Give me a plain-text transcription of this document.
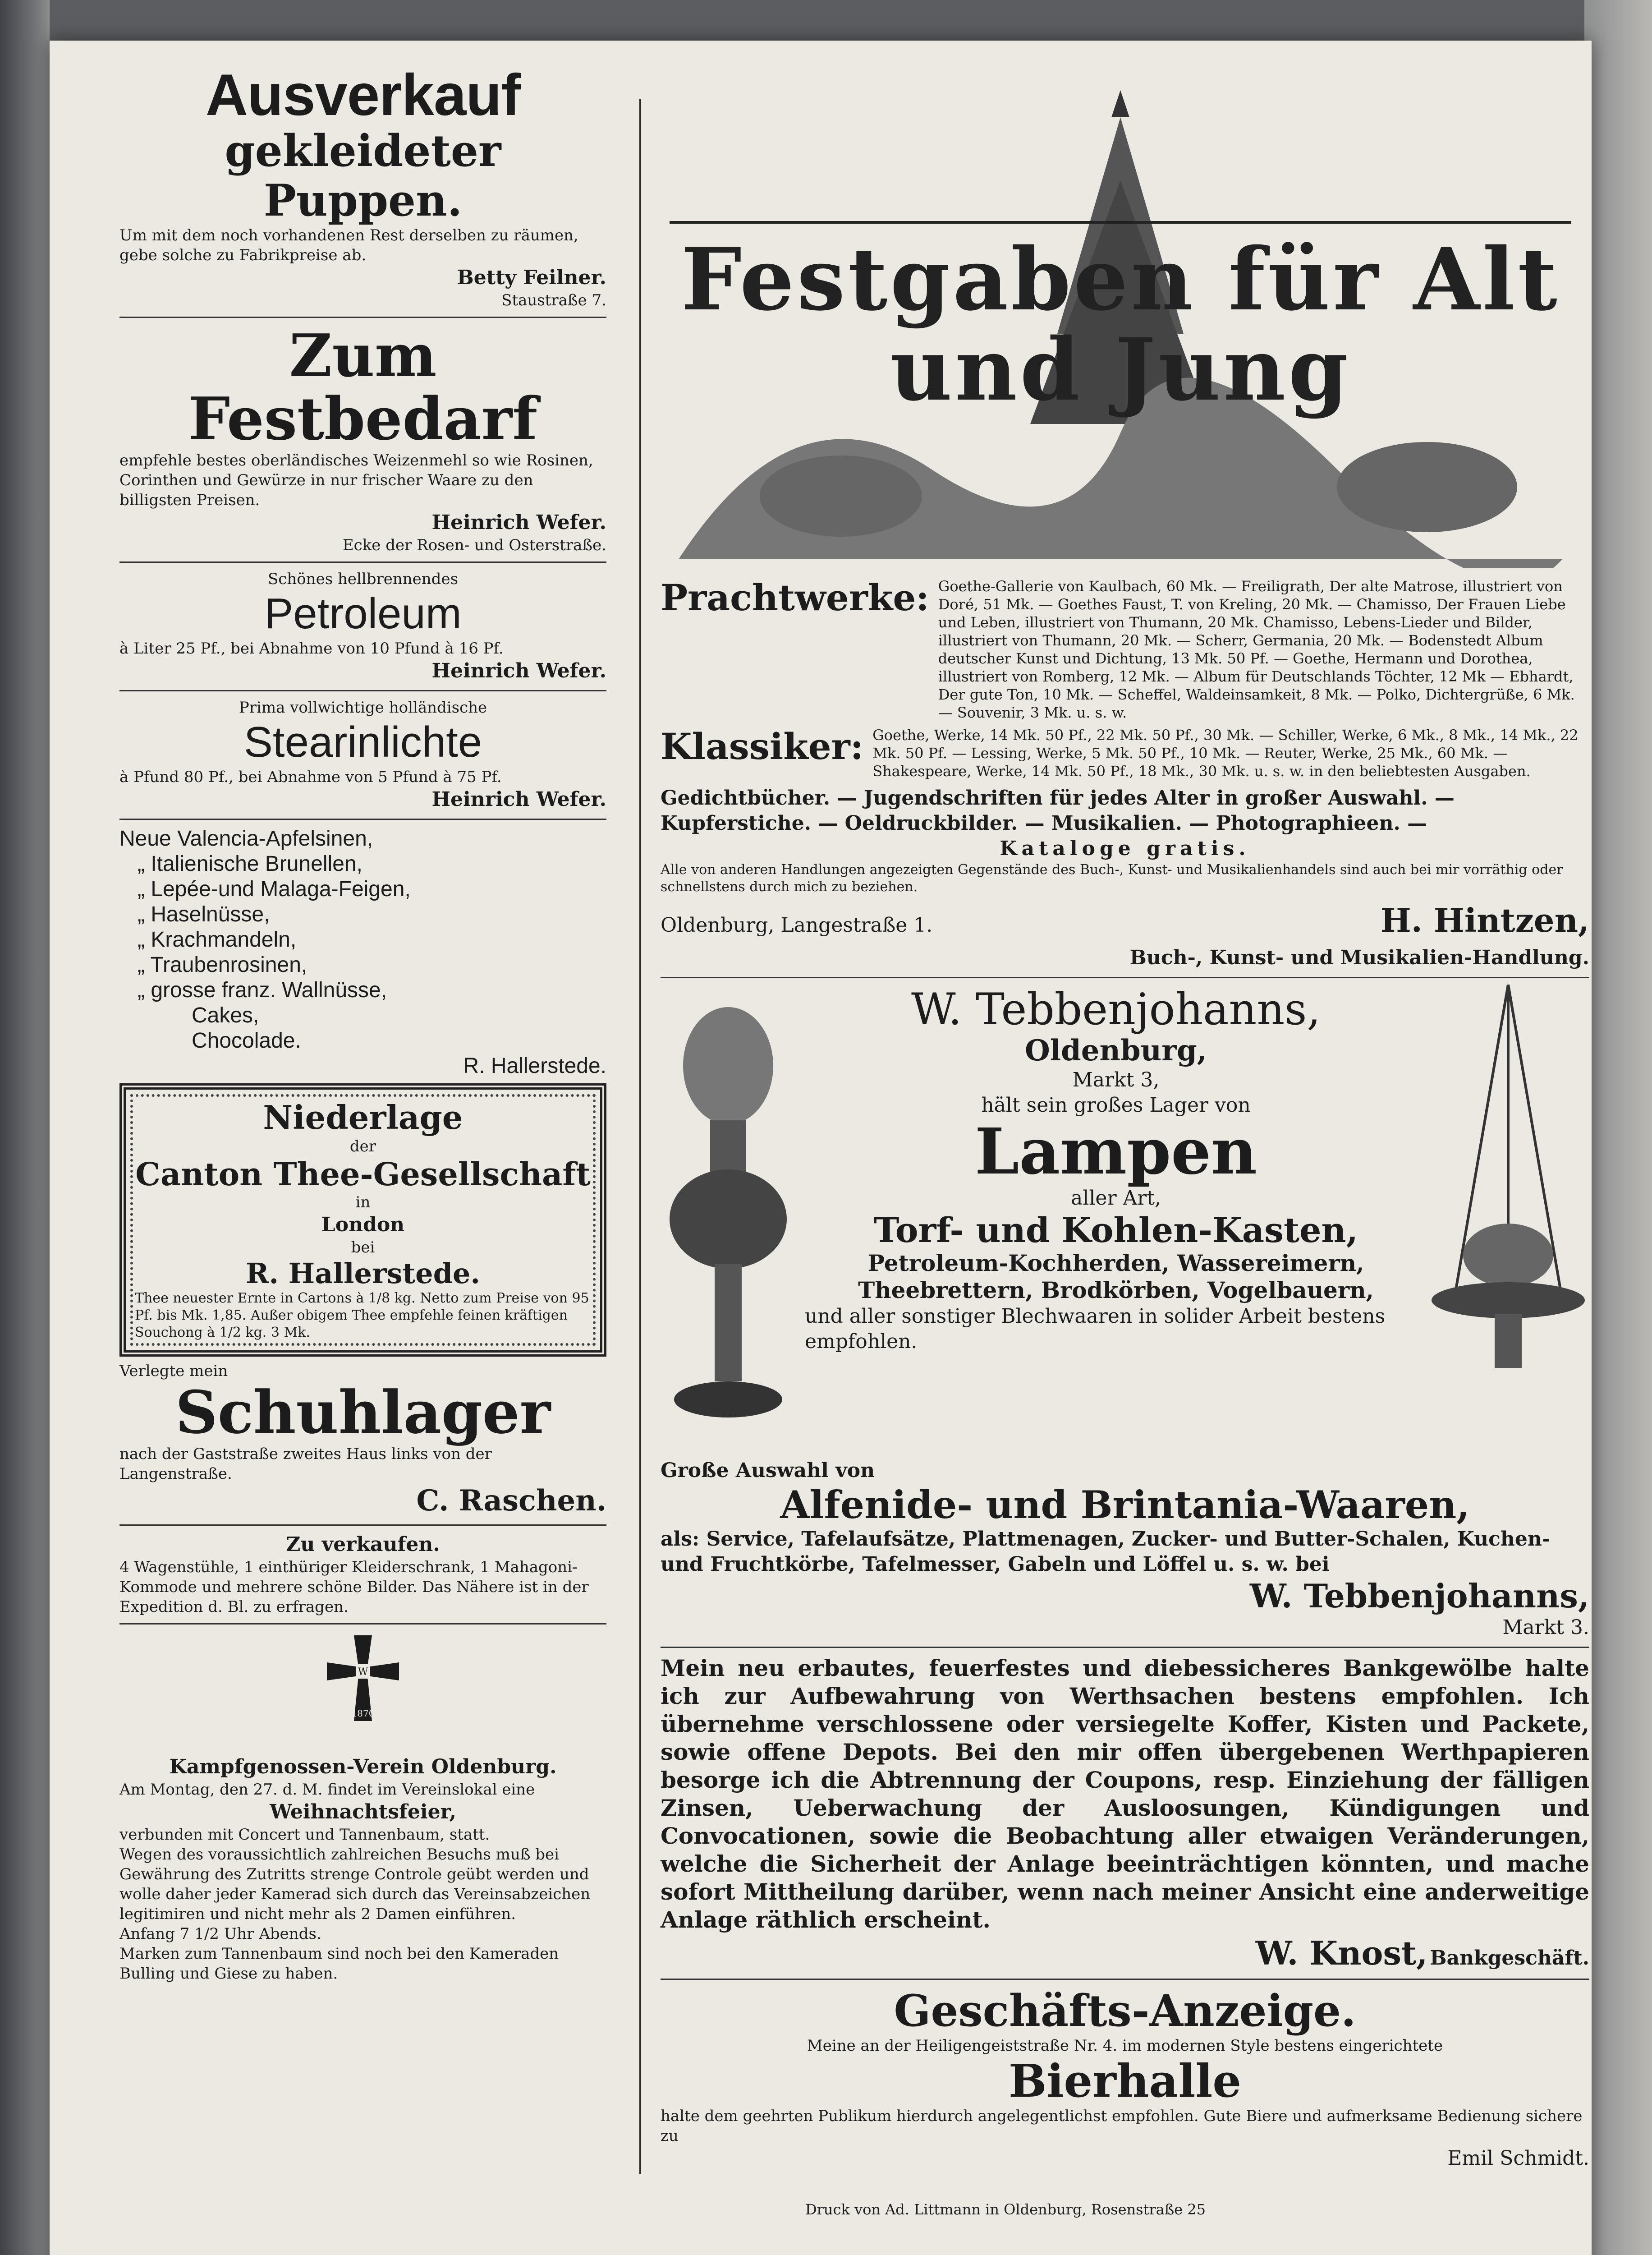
Ausverkauf

gekleideter Puppen.

Um mit dem noch vorhandenen Rest derselben zu räumen, gebe solche zu Fabrikpreise ab.

Betty Feilner.

Staustraße 7.

Zum Festbedarf

empfehle bestes oberländisches Weizenmehl so wie Rosinen, Corinthen und Gewürze in nur frischer Waare zu den billigsten Preisen.

Heinrich Wefer.

Ecke der Rosen- und Osterstraße.

Schönes hellbrennendes

Petroleum

à Liter 25 Pf., bei Abnahme von 10 Pfund à 16 Pf.

Heinrich Wefer.

Prima vollwichtige holländische

Stearinlichte

à Pfund 80 Pf., bei Abnahme von 5 Pfund à 75 Pf.

Heinrich Wefer.

Neue Valencia-Apfelsinen,

„ Italienische Brunellen,

„ Lepée-und Malaga-Feigen,

„ Haselnüsse,

„ Krachmandeln,

„ Traubenrosinen,

„ grosse franz. Wallnüsse,

Cakes,

Chocolade.

R. Hallerstede.

Niederlage

der

Canton Thee-Gesellschaft

in

London

bei

R. Hallerstede.

Thee neuester Ernte in Cartons à 1/8 kg. Netto zum Preise von 95 Pf. bis Mk. 1,85. Außer obigem Thee empfehle feinen kräftigen Souchong à 1/2 kg. 3 Mk.

Verlegte mein

Schuhlager

nach der Gaststraße zweites Haus links von der Langenstraße.

C. Raschen.

Zu verkaufen.

4 Wagenstühle, 1 einthüriger Kleiderschrank, 1 Mahagoni-Kommode und mehrere schöne Bilder. Das Nähere ist in der Expedition d. Bl. zu erfragen.

W
1870

Kampfgenossen-Verein Oldenburg.

Am Montag, den 27. d. M. findet im Vereinslokal eine

Weihnachtsfeier,

verbunden mit Concert und Tannenbaum, statt.

Wegen des voraussichtlich zahlreichen Besuchs muß bei Gewährung des Zutritts strenge Controle geübt werden und wolle daher jeder Kamerad sich durch das Vereinsabzeichen legitimiren und nicht mehr als 2 Damen einführen.

Anfang 7 1/2 Uhr Abends.

Marken zum Tannenbaum sind noch bei den Kameraden Bulling und Giese zu haben.

Festgaben für Alt und Jung

Prachtwerke: Goethe-Gallerie von Kaulbach, 60 Mk. — Freiligrath, Der alte Matrose, illustriert von Doré, 51 Mk. — Goethes Faust, T. von Kreling, 20 Mk. — Chamisso, Der Frauen Liebe und Leben, illustriert von Thumann, 20 Mk. Chamisso, Lebens-Lieder und Bilder, illustriert von Thumann, 20 Mk. — Scherr, Germania, 20 Mk. — Bodenstedt Album deutscher Kunst und Dichtung, 13 Mk. 50 Pf. — Goethe, Hermann und Dorothea, illustriert von Romberg, 12 Mk. — Album für Deutschlands Töchter, 12 Mk — Ebhardt, Der gute Ton, 10 Mk. — Scheffel, Waldeinsamkeit, 8 Mk. — Polko, Dichtergrüße, 6 Mk. — Souvenir, 3 Mk. u. s. w.

Klassiker: Goethe, Werke, 14 Mk. 50 Pf., 22 Mk. 50 Pf., 30 Mk. — Schiller, Werke, 6 Mk., 8 Mk., 14 Mk., 22 Mk. 50 Pf. — Lessing, Werke, 5 Mk. 50 Pf., 10 Mk. — Reuter, Werke, 25 Mk., 60 Mk. — Shakespeare, Werke, 14 Mk. 50 Pf., 18 Mk., 30 Mk. u. s. w. in den beliebtesten Ausgaben.

Gedichtbücher. — Jugendschriften für jedes Alter in großer Auswahl. — Kupferstiche. — Oeldruckbilder. — Musikalien. — Photographieen. —

Kataloge gratis.

Alle von anderen Handlungen angezeigten Gegenstände des Buch-, Kunst- und Musikalienhandels sind auch bei mir vorräthig oder schnellstens durch mich zu beziehen.

Oldenburg, Langestraße 1.	H. Hintzen,

Buch-, Kunst- und Musikalien-Handlung.

W. Tebbenjohanns,

Oldenburg,

Markt 3,

hält sein großes Lager von

Lampen

aller Art,

Torf- und Kohlen-Kasten,

Petroleum-Kochherden, Wassereimern, Theebrettern, Brodkörben, Vogelbauern,

und aller sonstiger Blechwaaren in solider Arbeit bestens empfohlen.

Große Auswahl von

Alfenide- und Brintania-Waaren,

als: Service, Tafelaufsätze, Plattmenagen, Zucker- und Butter-Schalen, Kuchen- und Fruchtkörbe, Tafelmesser, Gabeln und Löffel u. s. w. bei

W. Tebbenjohanns,

Markt 3.

Mein neu erbautes, feuerfestes und diebessicheres Bankgewölbe halte ich zur Aufbewahrung von Werthsachen bestens empfohlen. Ich übernehme verschlossene oder versiegelte Koffer, Kisten und Packete, sowie offene Depots. Bei den mir offen übergebenen Werthpapieren besorge ich die Abtrennung der Coupons, resp. Einziehung der fälligen Zinsen, Ueberwachung der Ausloosungen, Kündigungen und Convocationen, sowie die Beobachtung aller etwaigen Veränderungen, welche die Sicherheit der Anlage beeinträchtigen könnten, und mache sofort Mittheilung darüber, wenn nach meiner Ansicht eine anderweitige Anlage räthlich erscheint.

W. Knost, Bankgeschäft.

Geschäfts-Anzeige.

Meine an der Heiligengeiststraße Nr. 4. im modernen Style bestens eingerichtete

Bierhalle

halte dem geehrten Publikum hierdurch angelegentlichst empfohlen. Gute Biere und aufmerksame Bedienung sichere zu

Emil Schmidt.

Druck von Ad. Littmann in Oldenburg, Rosenstraße 25
